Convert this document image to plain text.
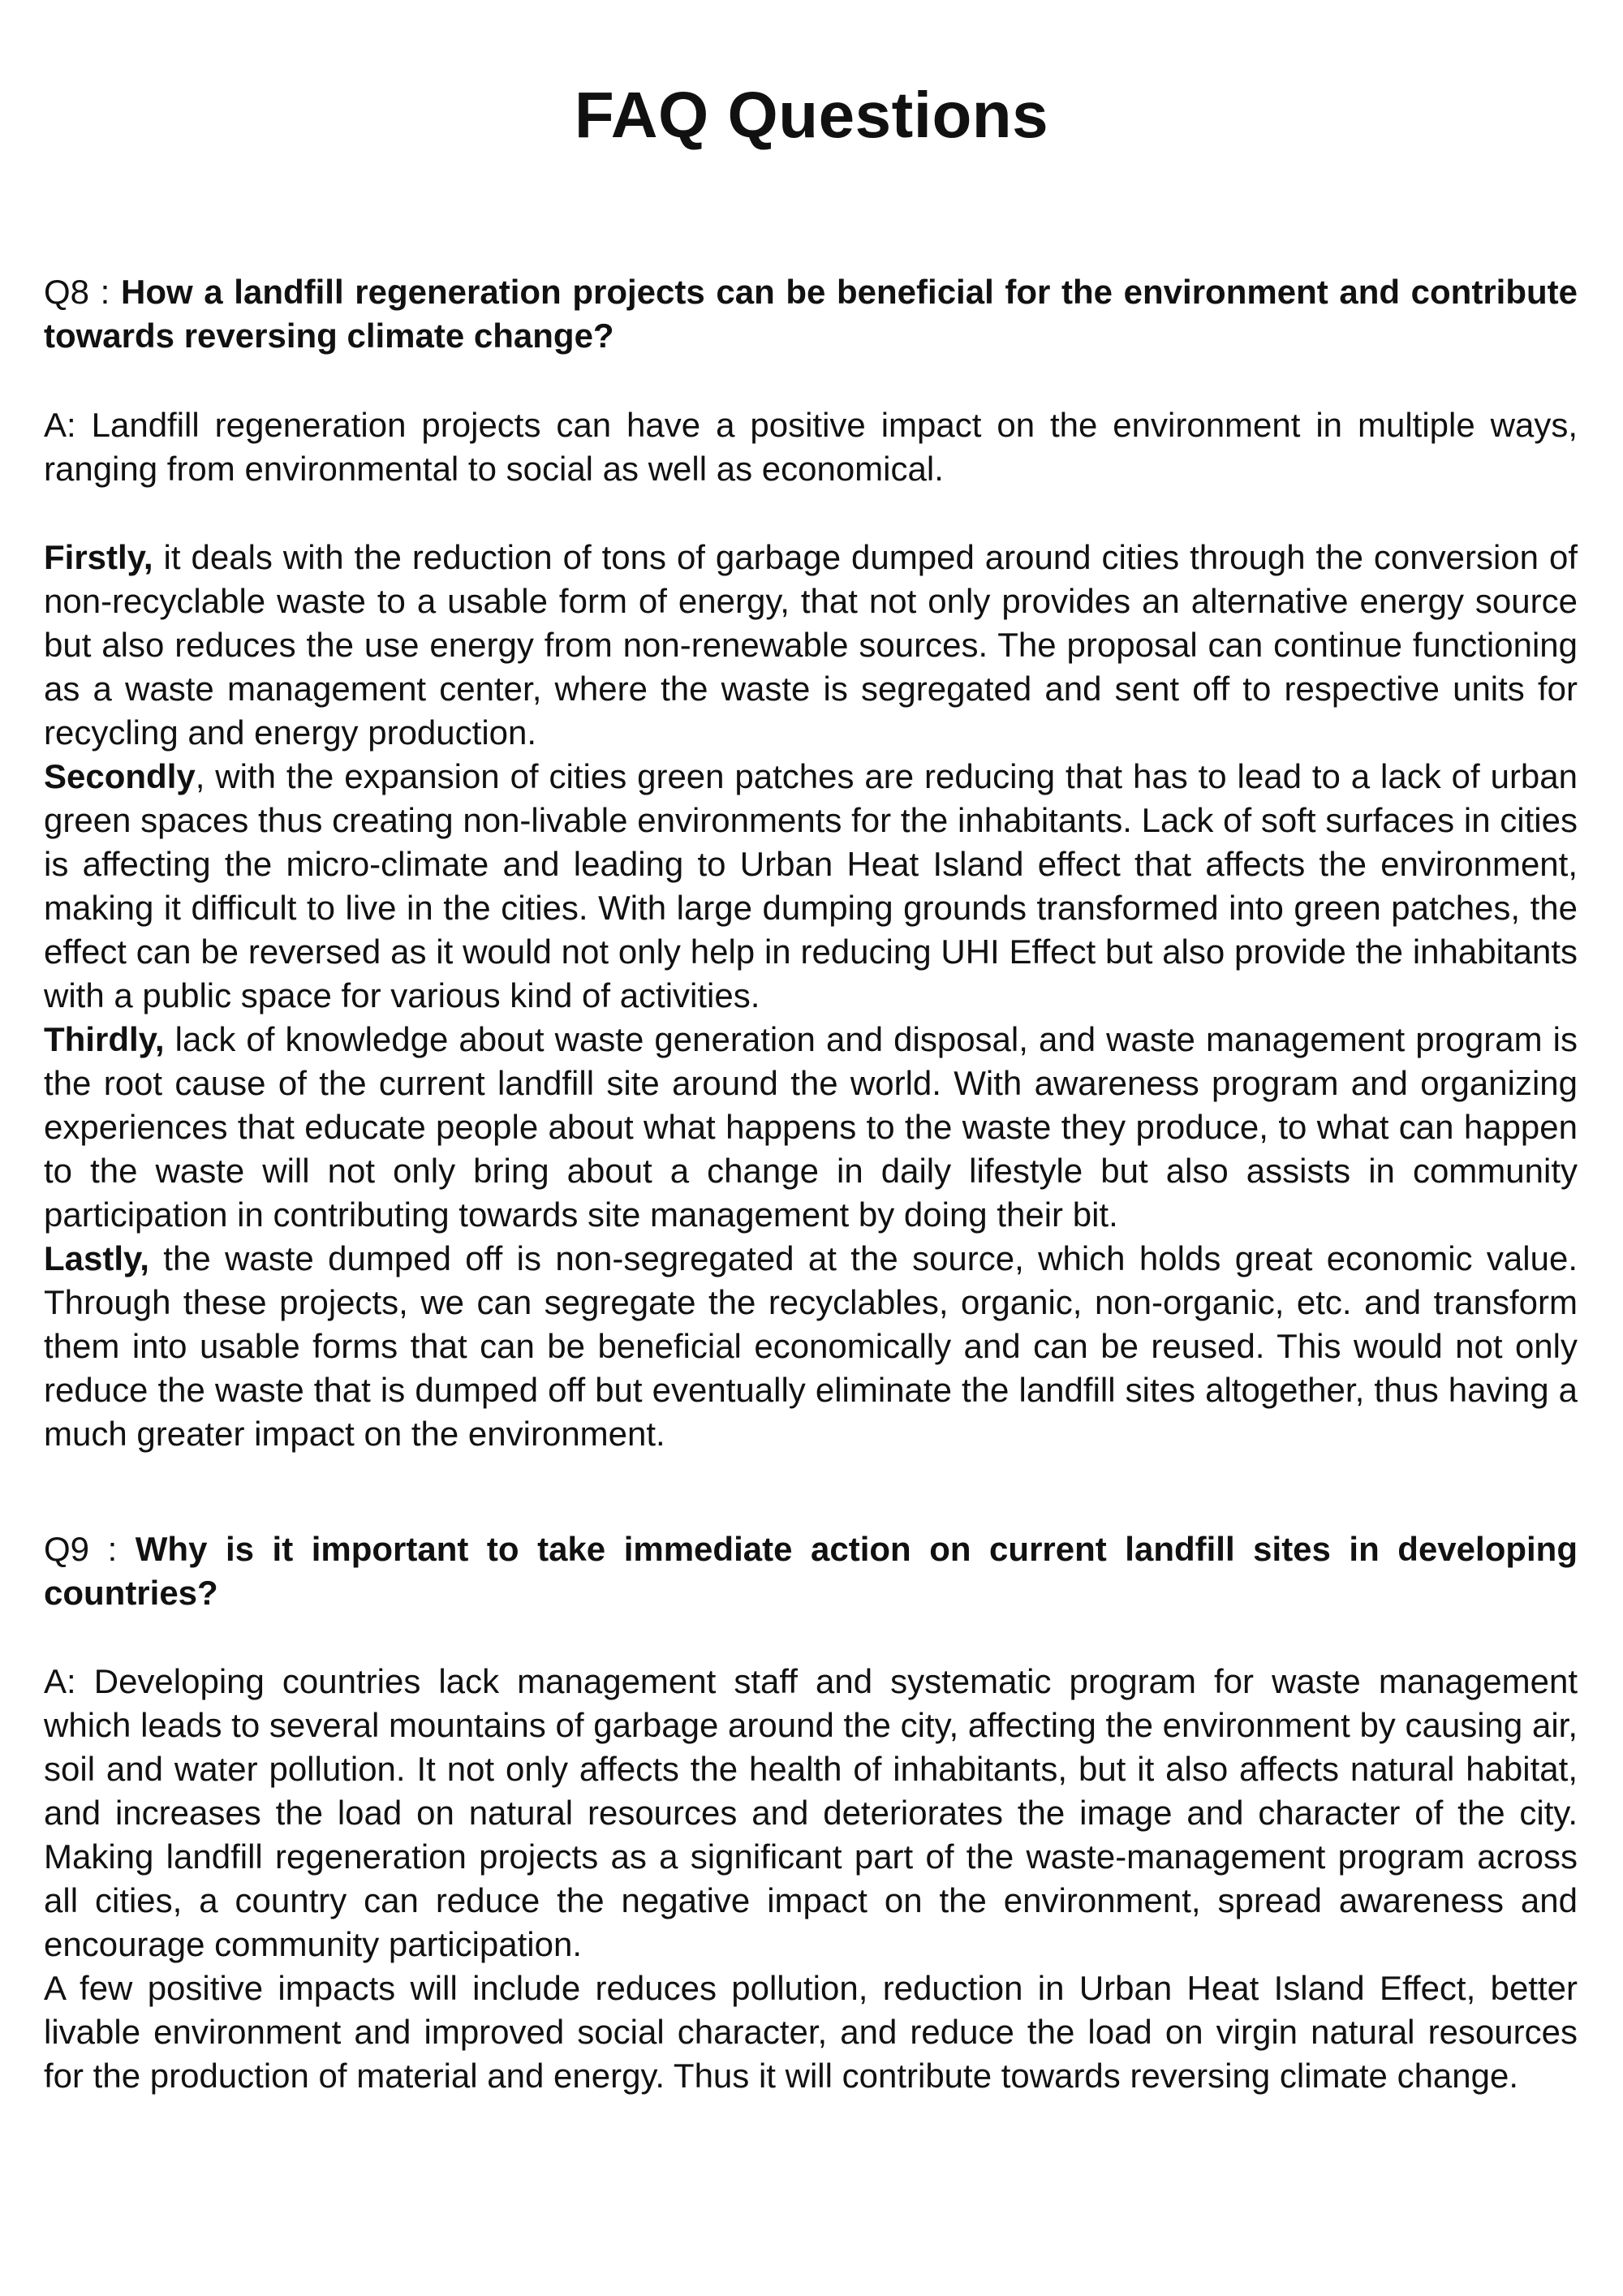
FAQ Questions

Q8 : How a landfill regeneration projects can be beneficial for the environment and contribute towards reversing climate change?

A: Landfill regeneration projects can have a positive impact on the environment in multiple ways, ranging from environmental to social as well as economical.

Firstly, it deals with the reduction of tons of garbage dumped around cities through the conversion of non-recyclable waste to a usable form of energy, that not only provides an alternative energy source but also reduces the use energy from non-renewable sources. The proposal can continue functioning as a waste management center, where the waste is segregated and sent off to respective units for recycling and energy production.

Secondly, with the expansion of cities green patches are reducing that has to lead to a lack of urban green spaces thus creating non-livable environments for the inhabitants. Lack of soft surfaces in cities is affecting the micro-climate and leading to Urban Heat Island effect that affects the environment, making it difficult to live in the cities. With large dumping grounds transformed into green patches, the effect can be reversed as it would not only help in reducing UHI Effect but also provide the inhabitants with a public space for various kind of activities.

Thirdly, lack of knowledge about waste generation and disposal, and waste management program is the root cause of the current landfill site around the world. With awareness program and organizing experiences that educate people about what happens to the waste they produce, to what can happen to the waste will not only bring about a change in daily lifestyle but also assists in community participation in contributing towards site management by doing their bit.

Lastly, the waste dumped off is non-segregated at the source, which holds great economic value. Through these projects, we can segregate the recyclables, organic, non-organic, etc. and transform them into usable forms that can be beneficial economically and can be reused. This would not only reduce the waste that is dumped off but eventually eliminate the landfill sites altogether, thus having a much greater impact on the environment.

Q9 : Why is it important to take immediate action on current landfill sites in developing countries?

A: Developing countries lack management staff and systematic program for waste management which leads to several mountains of garbage around the city, affecting the environment by causing air, soil and water pollution. It not only affects the health of inhabitants, but it also affects natural habitat, and increases the load on natural resources and deteriorates the image and character of the city. Making landfill regeneration projects as a significant part of the waste-management program across all cities, a country can reduce the negative impact on the environment, spread awareness and encourage community participation.

A few positive impacts will include reduces pollution, reduction in Urban Heat Island Effect, better livable environment and improved social character, and reduce the load on virgin natural resources for the production of material and energy. Thus it will contribute towards reversing climate change.
